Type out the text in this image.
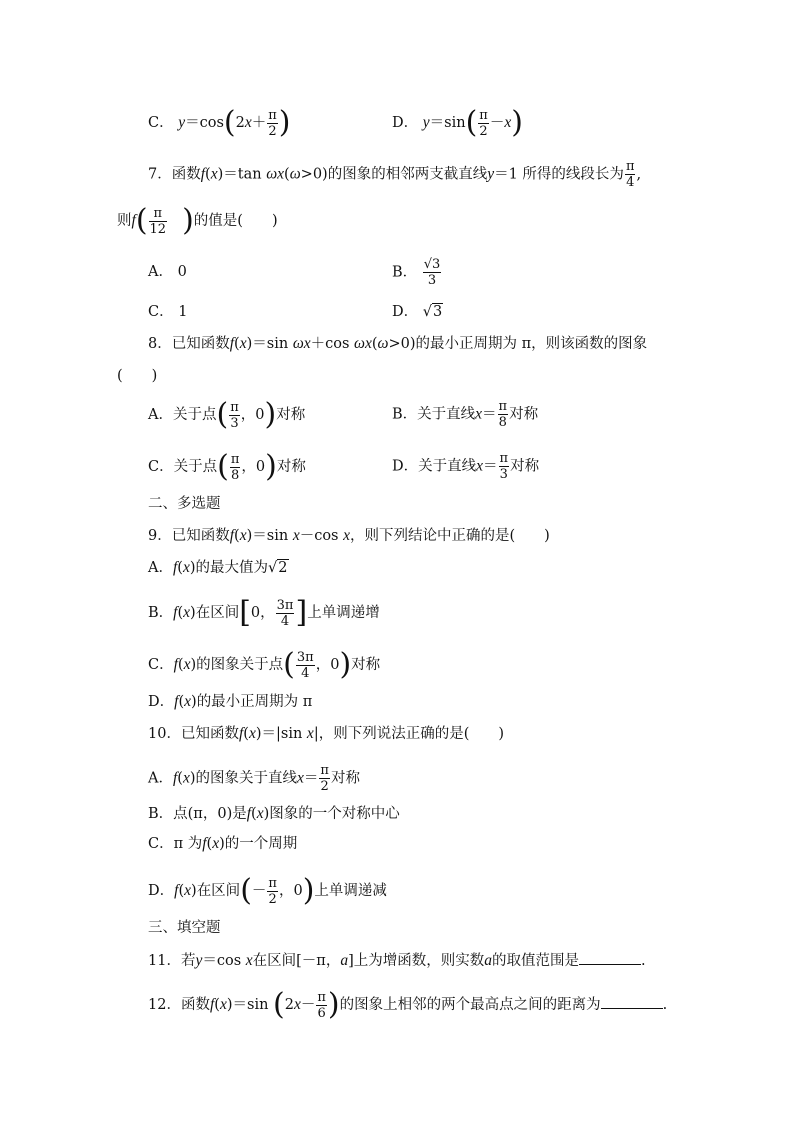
C． $y=\cos(2x+ \frac{\pi}{2}$ )	D． $y=\sin( \frac{\pi}{2} -x)$
7．函数f(x)＝tan ωx(ω>0)的图象的相邻两支截直线y＝1 所得的线段长为 $\frac{\pi}{4}$ ,
则$f( \frac{\pi}{12}$ )的值是(　　)
A． 0	B． $\frac{√3}{3}$
C． 1	D． √3
8．已知函数f(x)＝sin ωx＋cos ωx(ω>0)的最小正周期为 π，则该函数的图象
(　　)
A．关于点( $\frac{\pi}{3}$ ，0)对称	B．关于直线$x= \frac{\pi}{8}$ 对称
C．关于点( $\frac{\pi}{8}$ ，0)对称	D．关于直线$x= \frac{\pi}{3}$ 对称
二、多选题
9．已知函数f(x)＝sin x－cos x，则下列结论中正确的是(　　)
A．f(x)的最大值为√2
B．f(x)在区间[0， $\frac{3\pi}{4}$ ]上单调递增
C．f(x)的图象关于点( $\frac{3\pi}{4}$ ，0)对称
D．f(x)的最小正周期为 π
10．已知函数f(x)＝|sin x|，则下列说法正确的是(　　)
A．f(x)的图象关于直线$x= \frac{\pi}{2}$ 对称
B．点(π，0)是f(x)图象的一个对称中心
C．π 为f(x)的一个周期
D．f(x)在区间(－ $\frac{\pi}{2}$ ，0)上单调递减
三、填空题
11．若y＝cos x在区间[－π，a]上为增函数，则实数a的取值范围是	.
12．函数f(x)＝sin ($2x- \frac{\pi}{6}$ )的图象上相邻的两个最高点之间的距离为	.
